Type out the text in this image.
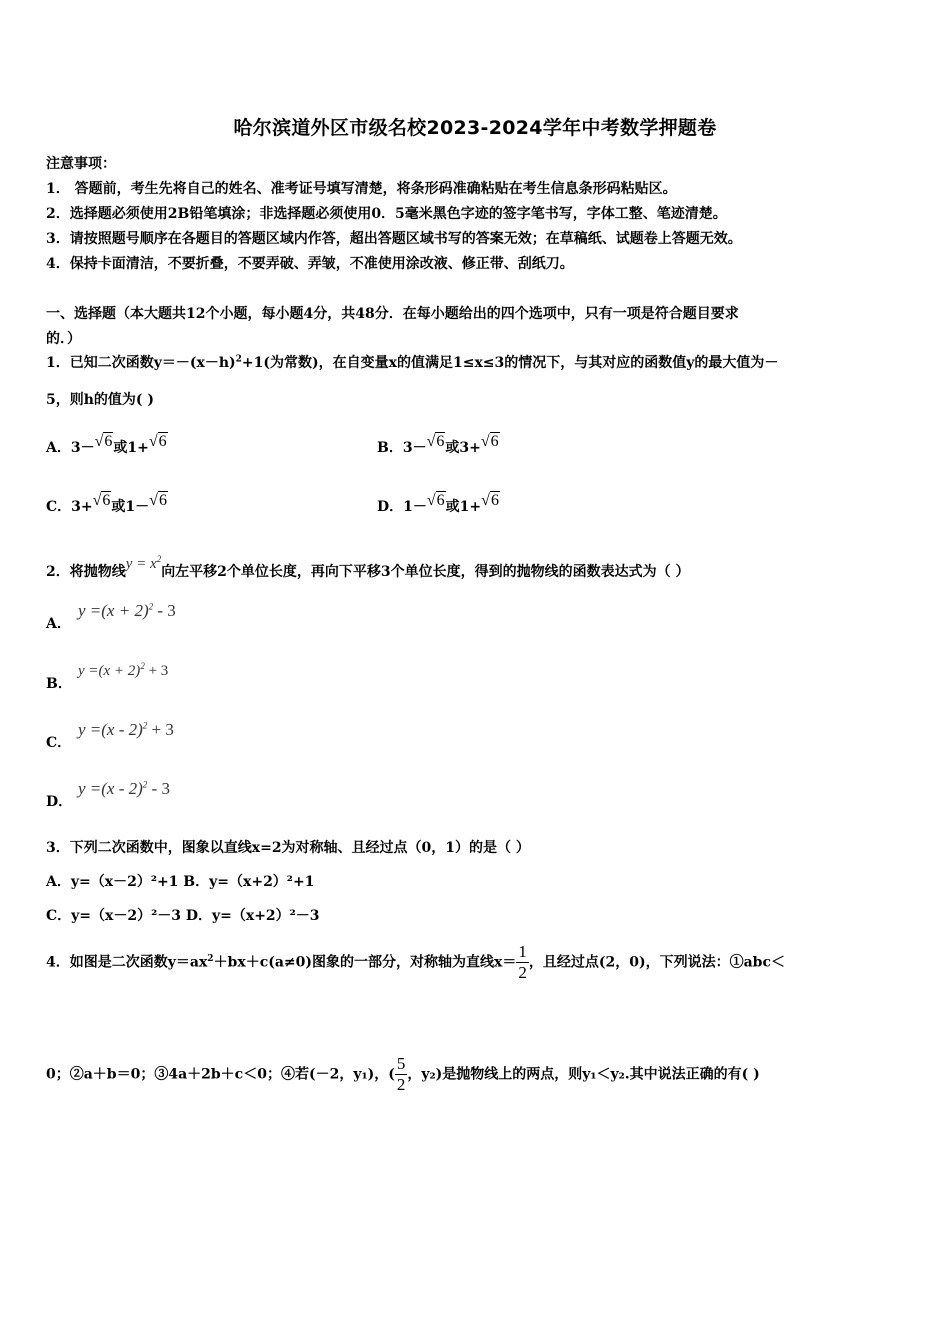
哈尔滨道外区市级名校2023-2024学年中考数学押题卷
注意事项：
1． 答题前，考生先将自己的姓名、准考证号填写清楚，将条形码准确粘贴在考生信息条形码粘贴区。
2．选择题必须使用2B铅笔填涂；非选择题必须使用0．5毫米黑色字迹的签字笔书写，字体工整、笔迹清楚。
3．请按照题号顺序在各题目的答题区域内作答，超出答题区域书写的答案无效；在草稿纸、试题卷上答题无效。
4．保持卡面清洁，不要折叠，不要弄破、弄皱，不准使用涂改液、修正带、刮纸刀。
一、选择题（本大题共12个小题，每小题4分，共48分．在每小题给出的四个选项中，只有一项是符合题目要求
的．）
1．已知二次函数$y=-(x-h)^2+1$(为常数)，在自变量x的值满足1≤x≤3的情况下，与其对应的函数值y的最大值为－
5，则h的值为( )
A．3－√6或1+√6	B．3－√6或3+√6
C．3+√6或1－√6	D．1－√6或1+√6
2．将抛物线$y = x^2$向左平移2个单位长度，再向下平移3个单位长度，得到的抛物线的函数表达式为（ ）
A．
$y =(x + 2)^2 - 3$
B．
$y =(x + 2)^2 + 3$
C．
y =(x - 2)$^2$ + 3
D．
y =(x - 2)$^2$ - 3
3．下列二次函数中，图象以直线x=2为对称轴、且经过点（0，1）的是（ ）
A．y=（x－2）²+1 B．y=（x+2）²+1
C．y=（x－2）²－3 D．y=（x+2）²－3
4．如图是二次函数$y=ax^2+bx+c(a\ne 0)$图象的一部分，对称轴为直线$x= \frac{1}{2}$ ，且经过点(2，0)，下列说法：①abc＜
0；②a＋b＝0；③4a＋2b＋c＜0；④若(－2，y₁)，( $\frac{5}{2}$ ，y₂)是抛物线上的两点，则y₁＜y₂.其中说法正确的有( )
